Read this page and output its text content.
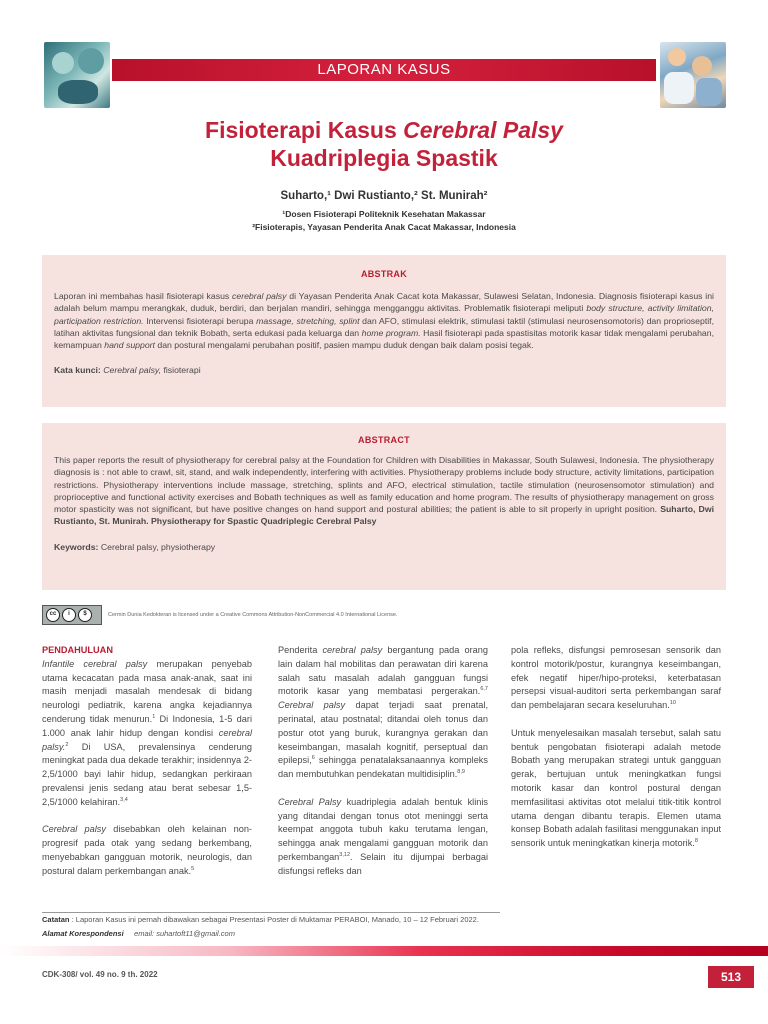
LAPORAN KASUS
Fisioterapi Kasus Cerebral Palsy
Kuadriplegia Spastik
Suharto,¹ Dwi Rustianto,² St. Munirah²
¹Dosen Fisioterapi Politeknik Kesehatan Makassar
²Fisioterapis, Yayasan Penderita Anak Cacat Makassar, Indonesia
ABSTRAK
Laporan ini membahas hasil fisioterapi kasus cerebral palsy di Yayasan Penderita Anak Cacat kota Makassar, Sulawesi Selatan, Indonesia. Diagnosis fisioterapi kasus ini adalah belum mampu merangkak, duduk, berdiri, dan berjalan mandiri, sehingga mengganggu aktivitas. Problematik fisioterapi meliputi body structure, activity limitation, participation restriction. Intervensi fisioterapi berupa massage, stretching, splint dan AFO, stimulasi elektrik, stimulasi taktil (stimulasi neurosensomotoris) dan proprioseptif, latihan aktivitas fungsional dan teknik Bobath, serta edukasi pada keluarga dan home program. Hasil fisioterapi pada spastisitas motorik kasar tidak mengalami perubahan, kemampuan hand support dan postural mengalami perubahan positif, pasien mampu duduk dengan baik dalam posisi tegak.
Kata kunci: Cerebral palsy, fisioterapi
ABSTRACT
This paper reports the result of physiotherapy for cerebral palsy at the Foundation for Children with Disabilities in Makassar, South Sulawesi, Indonesia. The physiotherapy diagnosis is : not able to crawl, sit, stand, and walk independently, interfering with activities. Physiotherapy problems include body structure, activity limitations, participation restrictions. Physiotherapy interventions include massage, stretching, splints and AFO, electrical stimulation, tactile stimulation (neurosensomotor stimulation) and proprioceptive and functional activity exercises and Bobath techniques as well as family education and home program. The results of physiotherapy management on gross motor spasticity was not significant, but have positive changes on hand support and postural abilities; the patient is able to sit properly in upright position. Suharto, Dwi Rustianto, St. Munirah. Physiotherapy for Spastic Quadriplegic Cerebral Palsy
Keywords: Cerebral palsy, physiotherapy
cc	i	$	Cermin Dunia Kedokteran is licensed under a Creative Commons Attribution-NonCommercial 4.0 International License.
PENDAHULUAN

Infantile cerebral palsy merupakan penyebab utama kecacatan pada masa anak-anak, saat ini masih menjadi masalah mendesak di bidang neurologi pediatrik, karena angka kejadiannya cenderung tidak menurun.$^1$ Di Indonesia, 1-5 dari 1.000 anak lahir hidup dengan kondisi cerebral palsy.$^2$ Di USA, prevalensinya cenderung meningkat pada dua dekade terakhir; insidennya 2-2,5/1000 bayi lahir hidup, sedangkan perkiraan prevalensi jenis sedang atau berat sebesar 1,5-2,5/1000 kelahiran.$^{3,4}$

Cerebral palsy disebabkan oleh kelainan non-progresif pada otak yang sedang berkembang, menyebabkan gangguan motorik, neurologis, dan postural dalam perkembangan anak.$^5$

Penderita cerebral palsy bergantung pada orang lain dalam hal mobilitas dan perawatan diri karena salah satu masalah adalah gangguan fungsi motorik kasar yang membatasi pergerakan.$^{6,7}$ Cerebral palsy dapat terjadi saat prenatal, perinatal, atau postnatal; ditandai oleh tonus dan postur otot yang buruk, kurangnya gerakan dan keseimbangan, masalah kognitif, perseptual dan epilepsi,$^6$ sehingga penatalaksanaannya kompleks dan membutuhkan pendekatan multidisiplin.$^{8,9}$

Cerebral Palsy kuadriplegia adalah bentuk klinis yang ditandai dengan tonus otot meninggi serta keempat anggota tubuh kaku terutama lengan, sehingga anak mengalami gangguan motorik dan perkembangan$^{3,12}$. Selain itu dijumpai berbagai disfungsi refleks dan

pola refleks, disfungsi pemrosesan sensorik dan kontrol motorik/postur, kurangnya keseimbangan, efek negatif hiper/hipo-proteksi, keterbatasan persepsi visual-auditori serta perkembangan saraf dan pembelajaran secara keseluruhan.$^{10}$

Untuk menyelesaikan masalah tersebut, salah satu bentuk pengobatan fisioterapi adalah metode Bobath yang merupakan strategi untuk gangguan gerak, bertujuan untuk meningkatkan fungsi motorik kasar dan kontrol postural dengan memfasilitasi aktivitas otot melalui titik-titik kontrol utama dengan dibantu terapis. Elemen utama konsep Bobath adalah fasilitasi menggunakan input sensorik untuk meningkatkan kinerja motorik.$^8$

Catatan : Laporan Kasus ini pernah dibawakan sebagai Presentasi Poster di Muktamar PERABOI, Manado, 10 – 12 Februari 2022.
Alamat Korespondensi email: suhartoft11@gmail.com
CDK-308/ vol. 49 no. 9 th. 2022	513
